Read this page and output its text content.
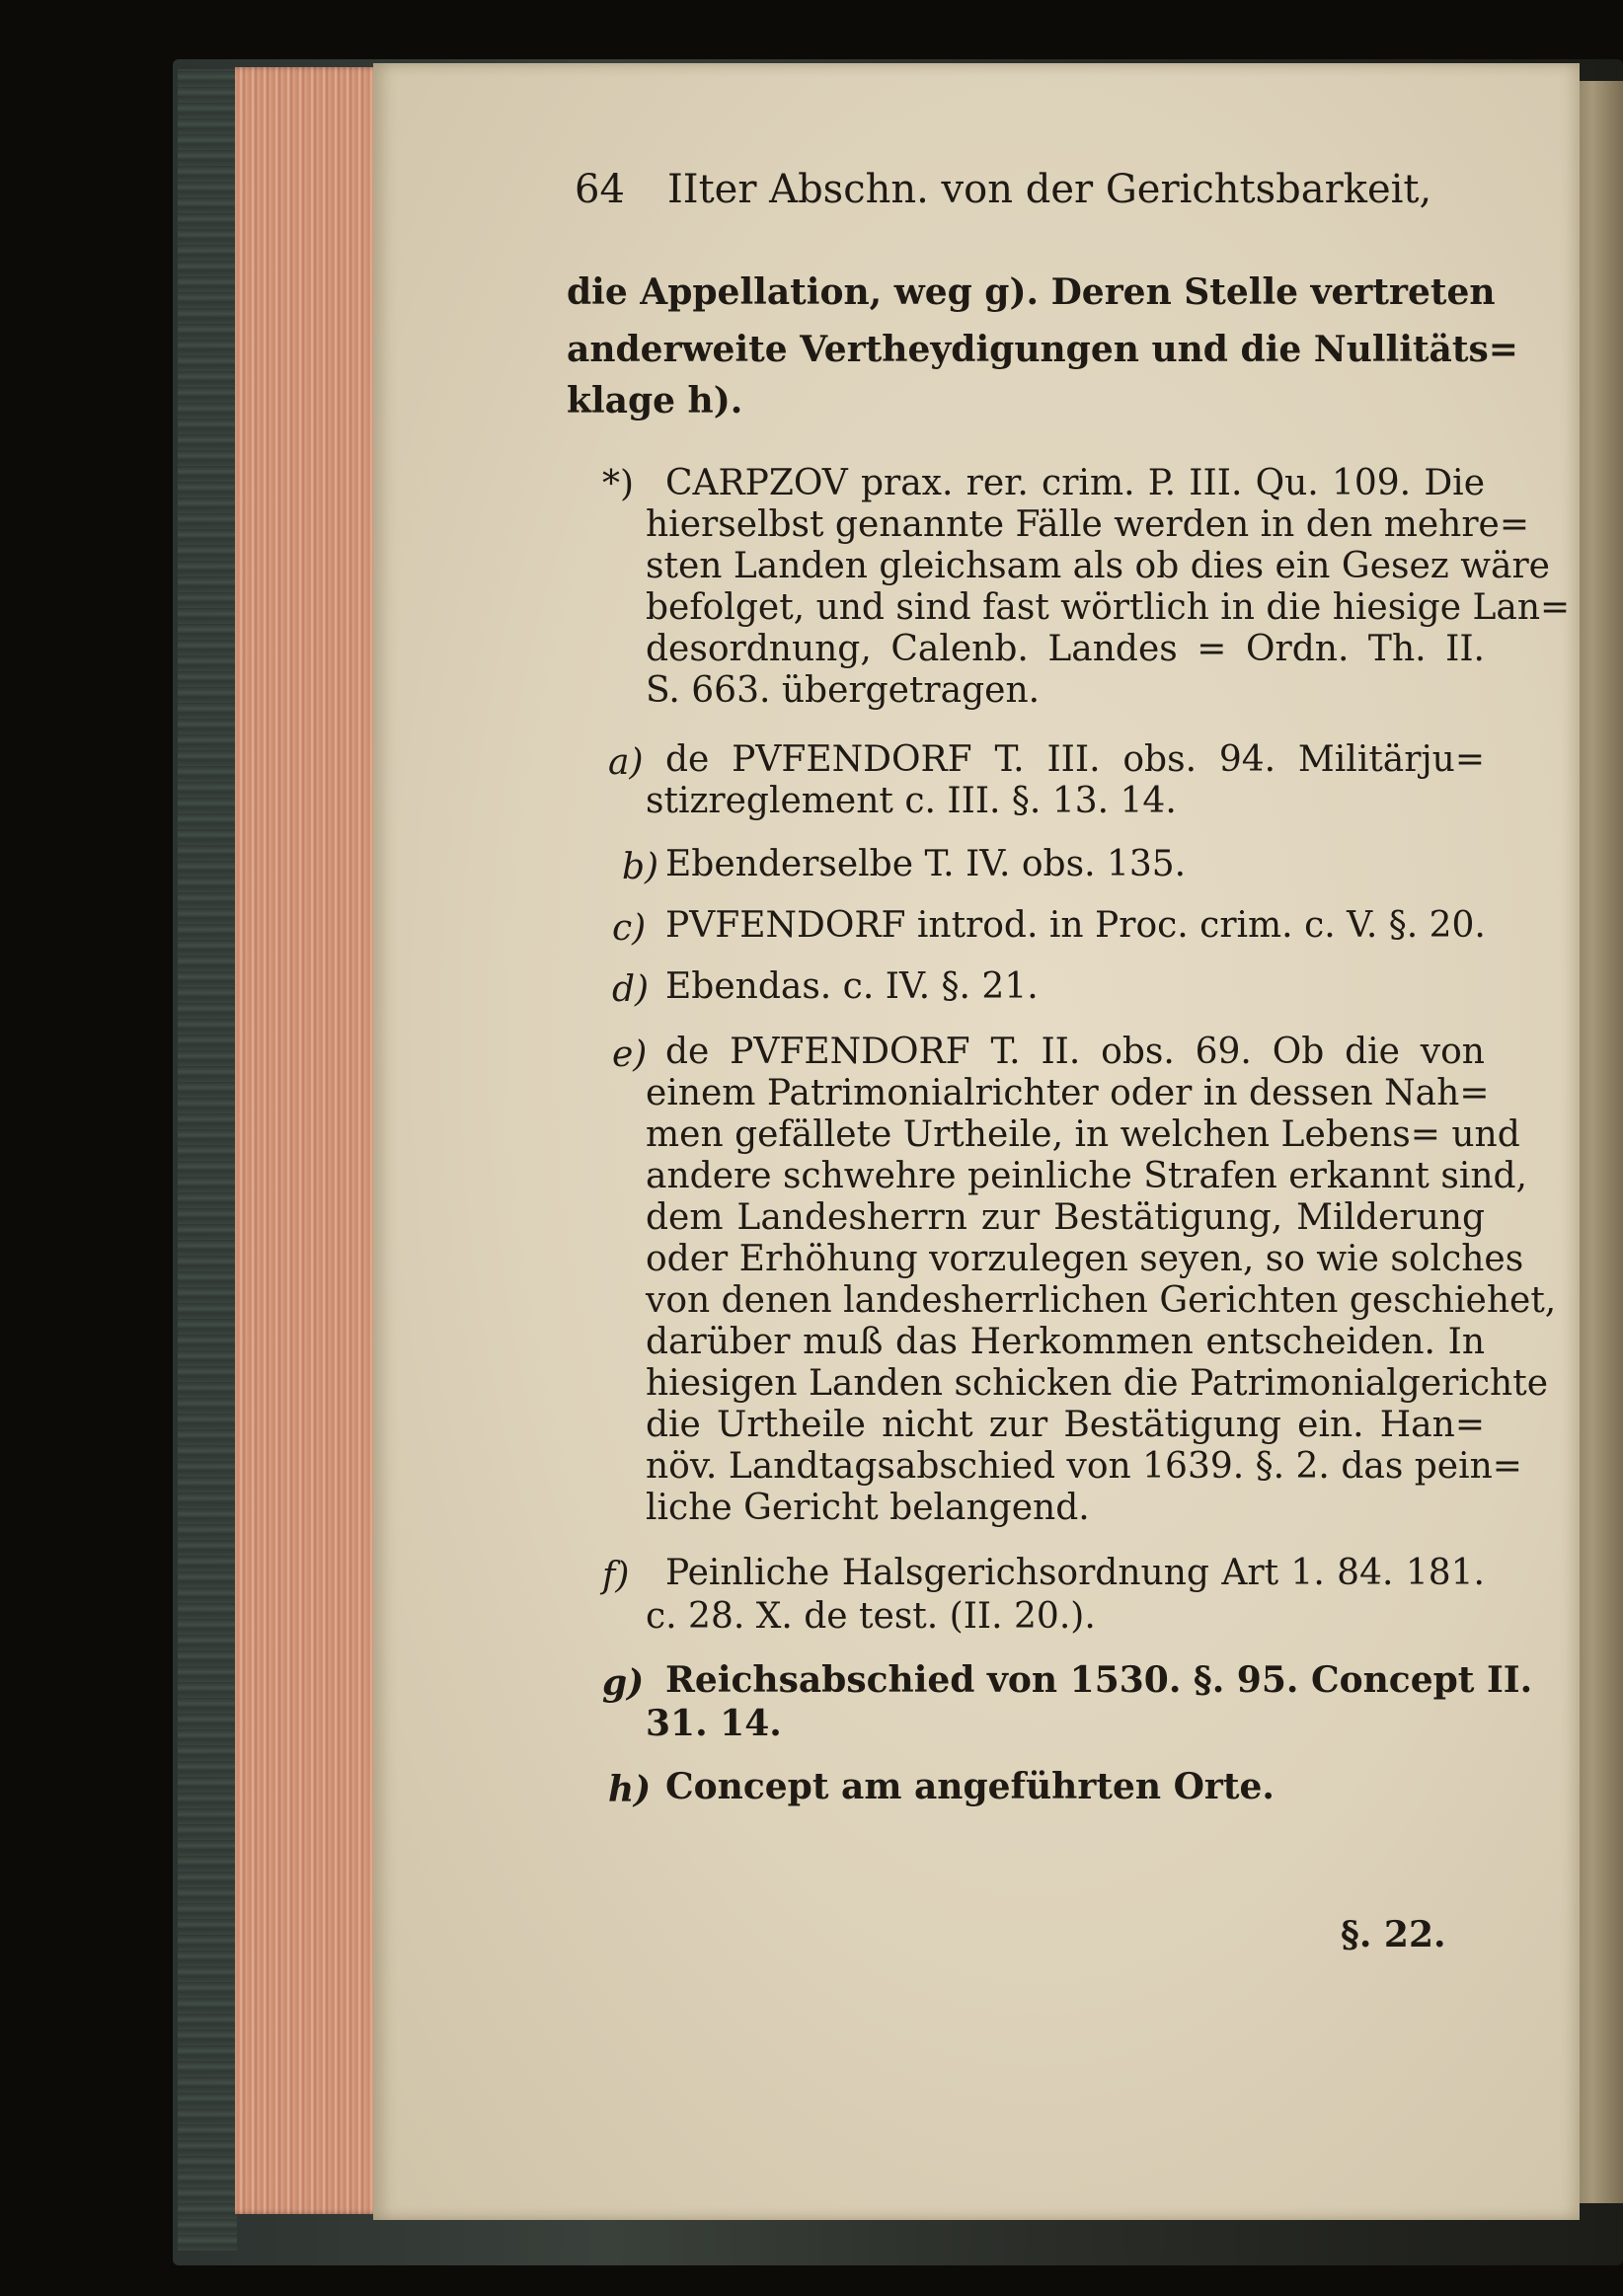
64 IIter Abschn. von der Gerichtsbarkeit,
die Appellation, weg g). Deren Stelle vertreten
anderweite Vertheydigungen und die Nullitäts=
klage h).
*) CARPZOV prax. rer. crim. P. III. Qu. 109. Die
hierselbst genannte Fälle werden in den mehre=
sten Landen gleichsam als ob dies ein Gesez wäre
befolget, und sind fast wörtlich in die hiesige Lan=
desordnung, Calenb. Landes = Ordn. Th. II.
S. 663. übergetragen.
a) de PVFENDORF T. III. obs. 94. Militärju=
stizreglement c. III. §. 13. 14.
b) Ebenderselbe T. IV. obs. 135.
c) PVFENDORF introd. in Proc. crim. c. V. §. 20.
d) Ebendas. c. IV. §. 21.
e) de PVFENDORF T. II. obs. 69. Ob die von
einem Patrimonialrichter oder in dessen Nah=
men gefällete Urtheile, in welchen Lebens= und
andere schwehre peinliche Strafen erkannt sind,
dem Landesherrn zur Bestätigung, Milderung
oder Erhöhung vorzulegen seyen, so wie solches
von denen landesherrlichen Gerichten geschiehet,
darüber muß das Herkommen entscheiden. In
hiesigen Landen schicken die Patrimonialgerichte
die Urtheile nicht zur Bestätigung ein. Han=
növ. Landtagsabschied von 1639. §. 2. das pein=
liche Gericht belangend.
f) Peinliche Halsgerichsordnung Art 1. 84. 181.
c. 28. X. de test. (II. 20.).
g) Reichsabschied von 1530. §. 95. Concept II.
31. 14.
h) Concept am angeführten Orte.
§. 22.
